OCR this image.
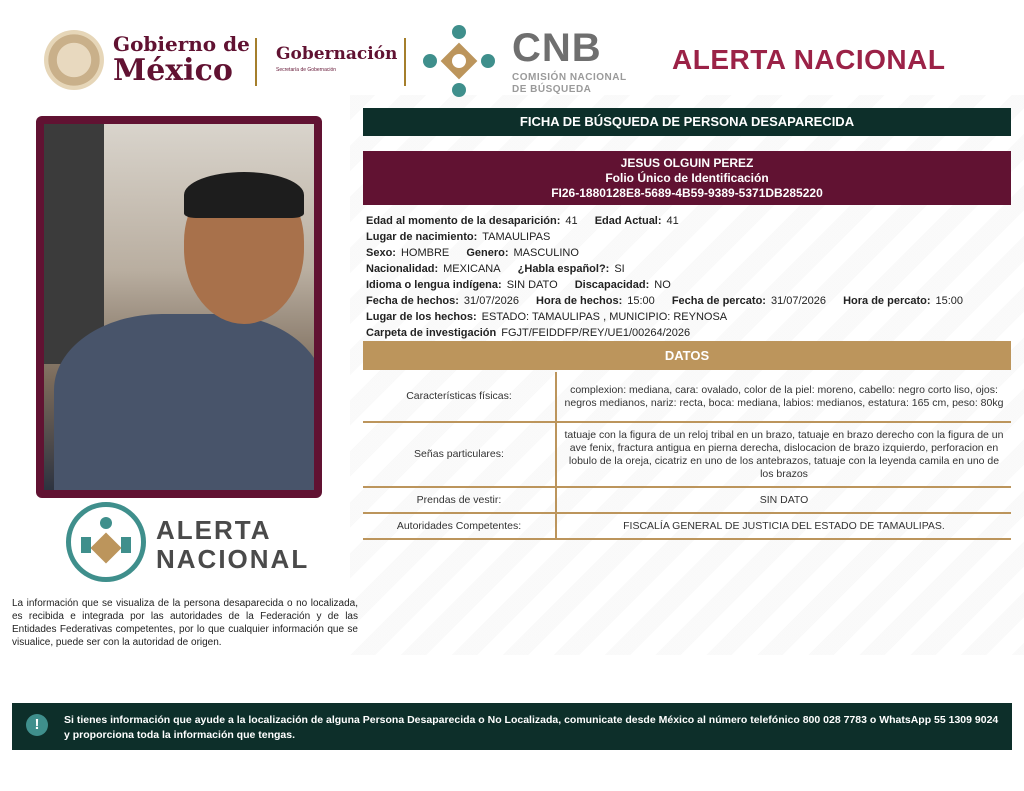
Gobierno de
México	Gobernación
Secretaría de Gobernación	CNB
COMISIÓN NACIONAL
DE BÚSQUEDA
ALERTA NACIONAL
ALERTA
NACIONAL
La información que se visualiza de la persona desaparecida o no localizada, es recibida e integrada por las autoridades de la Federación y de las Entidades Federativas competentes, por lo que cualquier información que se visualice, puede ser con la autoridad de origen.
FICHA DE BÚSQUEDA DE PERSONA DESAPARECIDA
JESUS OLGUIN PEREZ
Folio Único de Identificación
FI26-1880128E8-5689-4B59-9389-5371DB285220
Edad al momento de la desaparición: 41 Edad Actual: 41
Lugar de nacimiento: TAMAULIPAS
Sexo: HOMBRE Genero: MASCULINO
Nacionalidad: MEXICANA ¿Habla español?: SI
Idioma o lengua indígena: SIN DATO Discapacidad: NO
Fecha de hechos: 31/07/2026 Hora de hechos: 15:00 Fecha de percato: 31/07/2026 Hora de percato: 15:00
Lugar de los hechos: ESTADO: TAMAULIPAS , MUNICIPIO: REYNOSA
Carpeta de investigación FGJT/FEIDDFP/REY/UE1/00264/2026
DATOS
Características físicas:	complexion: mediana, cara: ovalado, color de la piel: moreno, cabello: negro corto liso, ojos: negros medianos, nariz: recta, boca: mediana, labios: medianos, estatura: 165 cm, peso: 80kg
Señas particulares:	tatuaje con la figura de un reloj tribal en un brazo, tatuaje en brazo derecho con la figura de un ave fenix, fractura antigua en pierna derecha, dislocacion de brazo izquierdo, perforacion en lobulo de la oreja, cicatriz en uno de los antebrazos, tatuaje con la leyenda camila en uno de los brazos
Prendas de vestir:	SIN DATO
Autoridades Competentes:	FISCALÍA GENERAL DE JUSTICIA DEL ESTADO DE TAMAULIPAS.
!	Si tienes información que ayude a la localización de alguna Persona Desaparecida o No Localizada, comunicate desde México al número telefónico 800 028 7783 o WhatsApp 55 1309 9024 y proporciona toda la información que tengas.
